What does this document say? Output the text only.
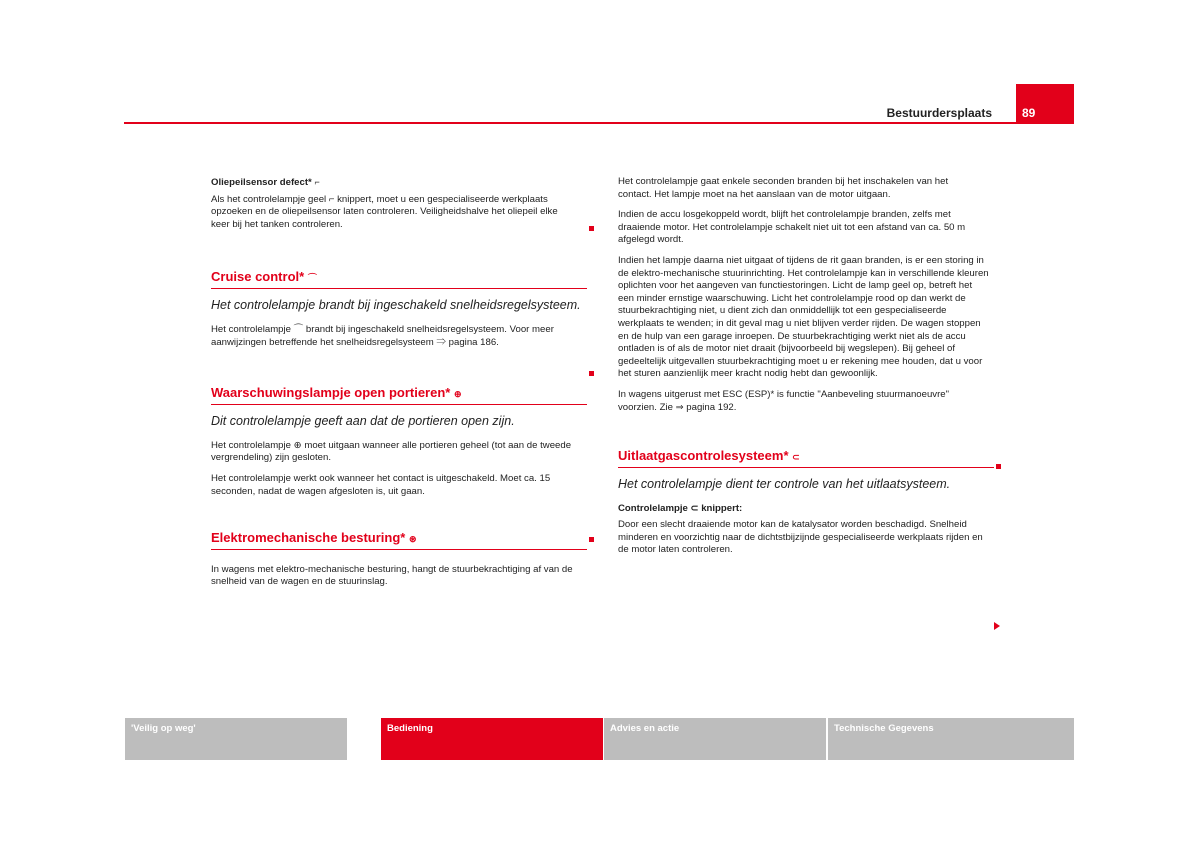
Bestuurdersplaats	89
Oliepeilsensor defect* ⌐

Als het controlelampje geel ⌐ knippert, moet u een gespecialiseerde werkplaats opzoeken en de oliepeilsensor laten controleren. Veiligheidshalve het oliepeil elke keer bij het tanken controleren.

Cruise control* ⌒
Het controlelampje brandt bij ingeschakeld snelheidsregelsysteem.

Het controlelampje ⌒ brandt bij ingeschakeld snelheidsregelsysteem. Voor meer aanwijzingen betreffende het snelheidsregelsysteem ⇒ pagina 186.

Waarschuwingslampje open portieren* ⊕
Dit controlelampje geeft aan dat de portieren open zijn.

Het controlelampje ⊕ moet uitgaan wanneer alle portieren geheel (tot aan de tweede vergrendeling) zijn gesloten.

Het controlelampje werkt ook wanneer het contact is uitgeschakeld. Moet ca. 15 seconden, nadat de wagen afgesloten is, uit gaan.

Elektromechanische besturing* ⊛

In wagens met elektro-mechanische besturing, hangt de stuurbekrachtiging af van de snelheid van de wagen en de stuurinslag.

Het controlelampje gaat enkele seconden branden bij het inschakelen van het contact. Het lampje moet na het aanslaan van de motor uitgaan.

Indien de accu losgekoppeld wordt, blijft het controlelampje branden, zelfs met draaiende motor. Het controlelampje schakelt niet uit tot een afstand van ca. 50 m afgelegd wordt.

Indien het lampje daarna niet uitgaat of tijdens de rit gaan branden, is er een storing in de elektro-mechanische stuurinrichting. Het controlelampje kan in verschillende kleuren oplichten voor het aangeven van functiestoringen. Licht de lamp geel op, betreft het een minder ernstige waarschuwing. Licht het controlelampje rood op dan werkt de stuurbekrachtiging niet, u dient zich dan onmiddellijk tot een gespecialiseerde werkplaats te wenden; in dit geval mag u niet blijven verder rijden. De wagen stoppen en de hulp van een garage inroepen. De stuurbekrachtiging werkt niet als de accu ontladen is of als de motor niet draait (bijvoorbeeld bij wegslepen). Bij geheel of gedeeltelijk uitgevallen stuurbekrachtiging moet u er rekening mee houden, dat u voor het sturen aanzienlijk meer kracht nodig hebt dan gewoonlijk.

In wagens uitgerust met ESC (ESP)* is functie "Aanbeveling stuurmanoeuvre" voorzien. Zie ⇒ pagina 192.

Uitlaatgascontrolesysteem* ⊂
Het controlelampje dient ter controle van het uitlaatsysteem.
Controlelampje ⊂ knippert:

Door een slecht draaiende motor kan de katalysator worden beschadigd. Snelheid minderen en voorzichtig naar de dichtstbijzijnde gespecialiseerde werkplaats rijden en de motor laten controleren.

'Veilig op weg'	Bediening	Advies en actie	Technische Gegevens
